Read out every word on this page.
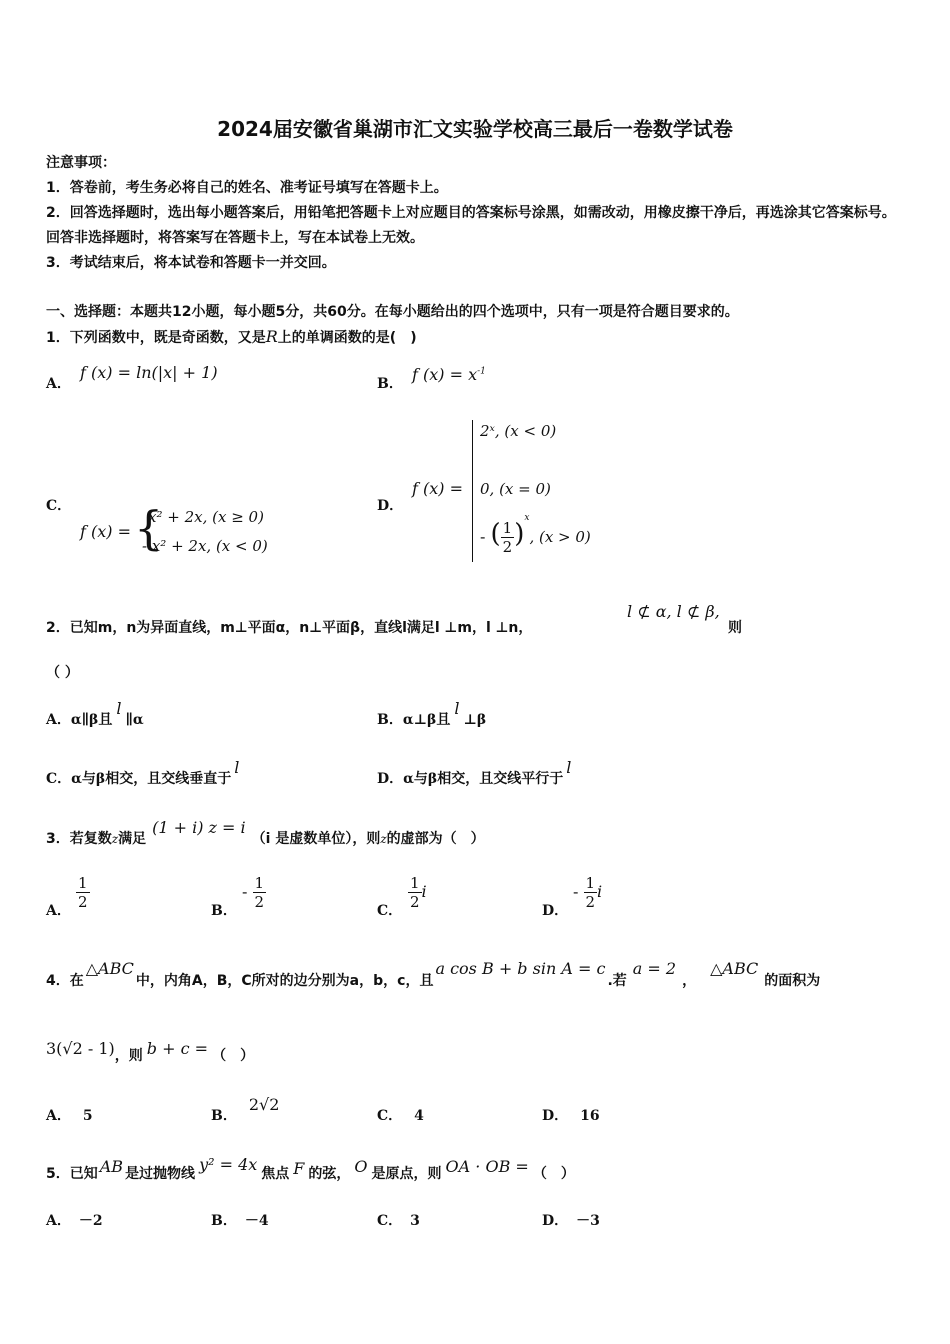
2024届安徽省巢湖市汇文实验学校高三最后一卷数学试卷
注意事项：
1．答卷前，考生务必将自己的姓名、准考证号填写在答题卡上。
2．回答选择题时，选出每小题答案后，用铅笔把答题卡上对应题目的答案标号涂黑，如需改动，用橡皮擦干净后，再选涂其它答案标号。回答非选择题时，将答案写在答题卡上，写在本试卷上无效。
3．考试结束后，将本试卷和答题卡一并交回。
一、选择题：本题共12小题，每小题5分，共60分。在每小题给出的四个选项中，只有一项是符合题目要求的。
1．下列函数中，既是奇函数，又是R上的单调函数的是(　)
A．
f (x) = ln(|x| + 1)
B． f $(x) = x^{-1}$
C．
f (x) = {
x² + 2x, (x ≥ 0)
- x² + 2x, (x < 0)
D．
f (x) =
2ˣ, (x < 0)
0, (x = 0)
- ( $\frac{1}{2} )^x$, (x > 0)
2．已知m，n为异面直线，m⊥平面α，n⊥平面β，直线l满足l ⊥m，l ⊥n，
l ⊄ α, l ⊄ β,
则
（ ）
A．α∥β且l∥α	B．α⊥β且l⊥β
C．α与β相交，且交线垂直于l
D．α与β相交，且交线平行于l
3．若复数z满足(1 + i) z = i（i 是虚数单位），则z的虚部为（　）
A． $\frac{1}{2}$	B．
- $\frac{1}{2}$	C． $\frac{1}{2}$ i
D．
- $\frac{1}{2}$ i
4．在△ABC中，内角A，B，C所对的边分别为a，b，c，且a cos B + b sin A = c.若a = 2，△ABC的面积为
3(√2 - 1)，则 b + c = （　）
A． 5	B．2√2
C． 4	D． 16
5．已知 AB 是过抛物线 y² = 4x 焦点 F 的弦， O 是原点，则 OA · OB = （　）
A． －2	B． －4	C． 3	D． －3
